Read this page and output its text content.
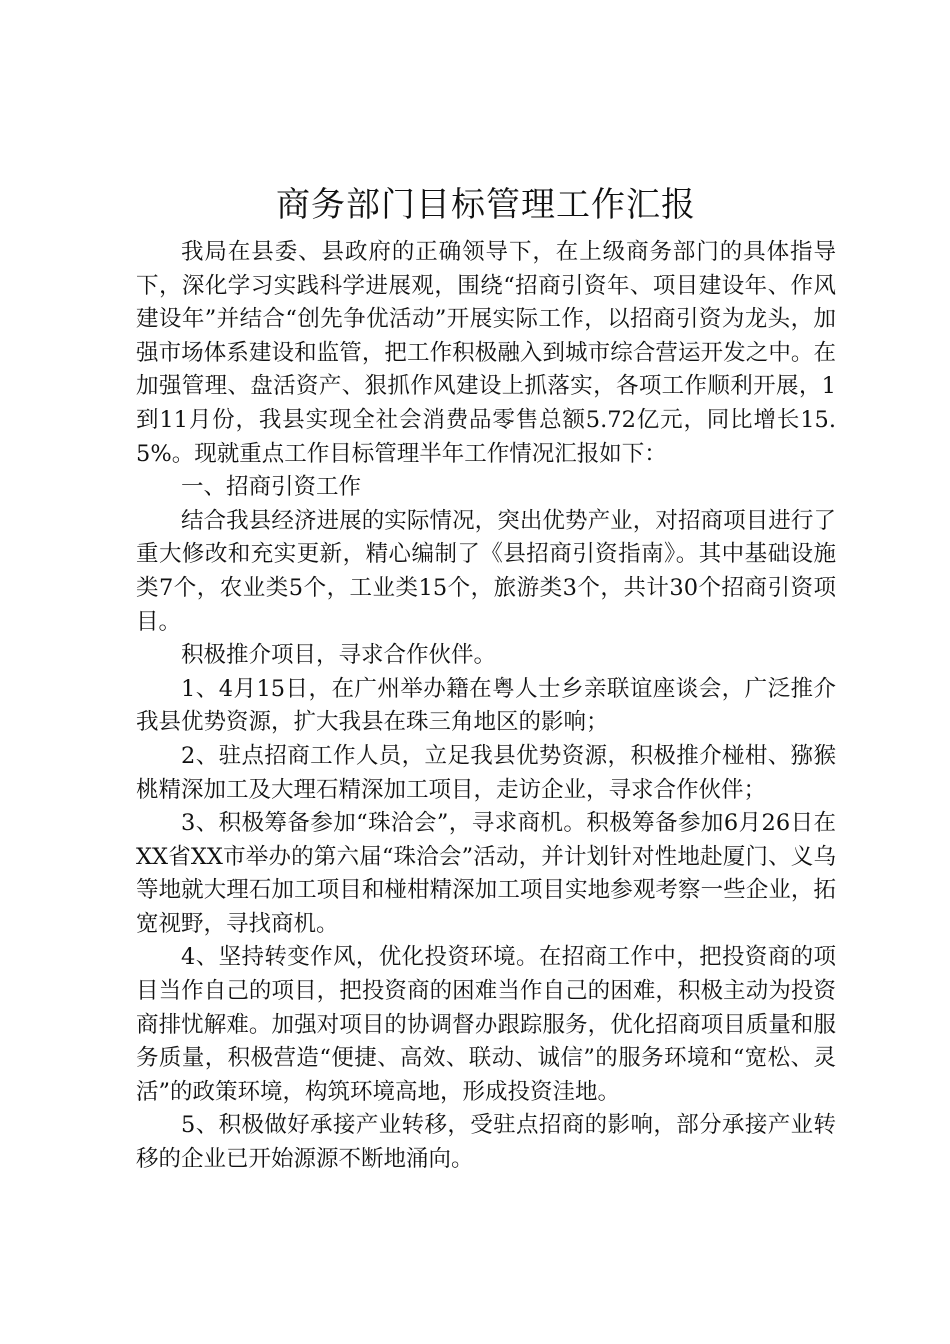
商务部门目标管理工作汇报

我局在县委、县政府的正确领导下，在上级商务部门的具体指导下，深化学习实践科学进展观，围绕“招商引资年、项目建设年、作风建设年”并结合“创先争优活动”开展实际工作，以招商引资为龙头，加强市场体系建设和监管，把工作积极融入到城市综合营运开发之中。在加强管理、盘活资产、狠抓作风建设上抓落实，各项工作顺利开展，1到11月份，我县实现全社会消费品零售总额5.72亿元，同比增长15.5%。现就重点工作目标管理半年工作情况汇报如下：

一、招商引资工作

结合我县经济进展的实际情况，突出优势产业，对招商项目进行了重大修改和充实更新，精心编制了《县招商引资指南》。其中基础设施类7个，农业类5个，工业类15个，旅游类3个，共计30个招商引资项目。

积极推介项目，寻求合作伙伴。

1、4月15日，在广州举办籍在粤人士乡亲联谊座谈会，广泛推介我县优势资源，扩大我县在珠三角地区的影响；

2、驻点招商工作人员，立足我县优势资源，积极推介椪柑、猕猴桃精深加工及大理石精深加工项目，走访企业，寻求合作伙伴；

3、积极筹备参加“珠洽会”，寻求商机。积极筹备参加6月26日在XX省XX市举办的第六届“珠洽会”活动，并计划针对性地赴厦门、义乌等地就大理石加工项目和椪柑精深加工项目实地参观考察一些企业，拓宽视野，寻找商机。

4、坚持转变作风，优化投资环境。在招商工作中，把投资商的项目当作自己的项目，把投资商的困难当作自己的困难，积极主动为投资商排忧解难。加强对项目的协调督办跟踪服务，优化招商项目质量和服务质量，积极营造“便捷、高效、联动、诚信”的服务环境和“宽松、灵活”的政策环境，构筑环境高地，形成投资洼地。

5、积极做好承接产业转移，受驻点招商的影响，部分承接产业转移的企业已开始源源不断地涌向。
